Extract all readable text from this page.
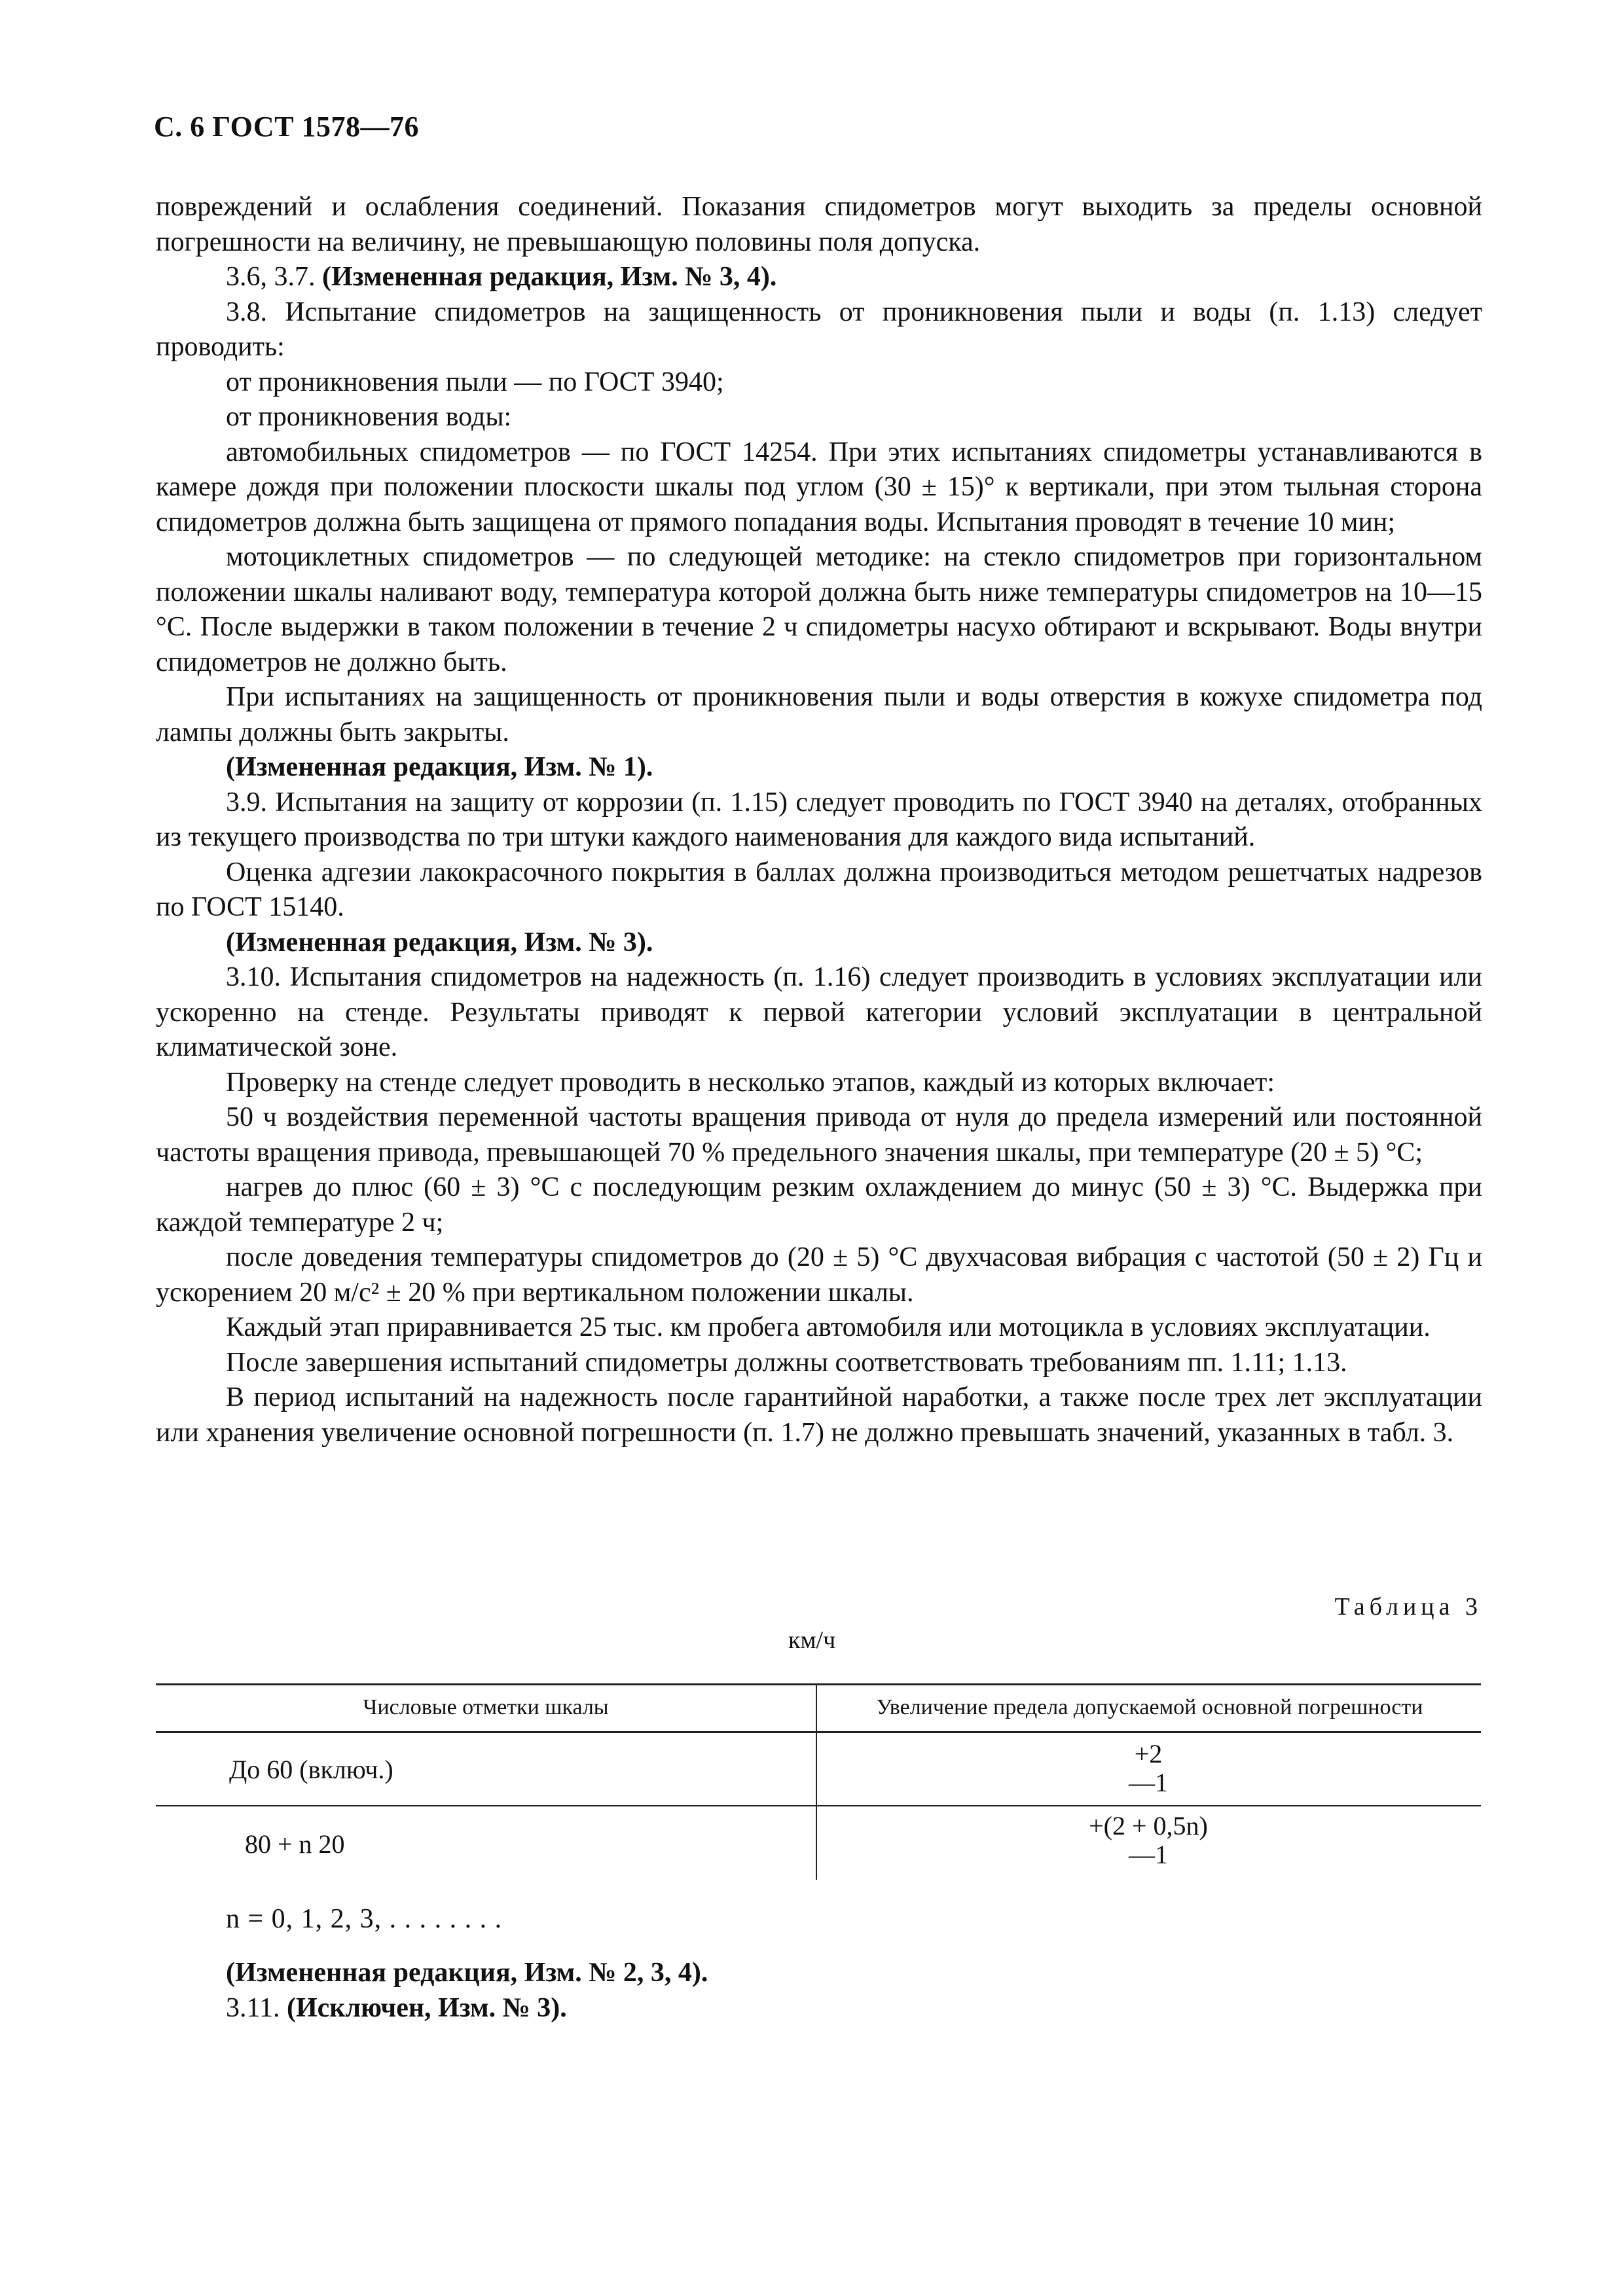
С. 6 ГОСТ 1578—76

повреждений и ослабления соединений. Показания спидометров могут выходить за пределы основной погрешности на величину, не превышающую половины поля допуска.

3.6, 3.7. (Измененная редакция, Изм. № 3, 4).

3.8. Испытание спидометров на защищенность от проникновения пыли и воды (п. 1.13) следует проводить:

от проникновения пыли — по ГОСТ 3940;

от проникновения воды:

автомобильных спидометров — по ГОСТ 14254. При этих испытаниях спидометры устанавливаются в камере дождя при положении плоскости шкалы под углом (30 ± 15)° к вертикали, при этом тыльная сторона спидометров должна быть защищена от прямого попадания воды. Испытания проводят в течение 10 мин;

мотоциклетных спидометров — по следующей методике: на стекло спидометров при горизонтальном положении шкалы наливают воду, температура которой должна быть ниже температуры спидометров на 10—15 °С. После выдержки в таком положении в течение 2 ч спидометры насухо обтирают и вскрывают. Воды внутри спидометров не должно быть.

При испытаниях на защищенность от проникновения пыли и воды отверстия в кожухе спидометра под лампы должны быть закрыты.

(Измененная редакция, Изм. № 1).

3.9. Испытания на защиту от коррозии (п. 1.15) следует проводить по ГОСТ 3940 на деталях, отобранных из текущего производства по три штуки каждого наименования для каждого вида испытаний.

Оценка адгезии лакокрасочного покрытия в баллах должна производиться методом решетчатых надрезов по ГОСТ 15140.

(Измененная редакция, Изм. № 3).

3.10. Испытания спидометров на надежность (п. 1.16) следует производить в условиях эксплуатации или ускоренно на стенде. Результаты приводят к первой категории условий эксплуатации в центральной климатической зоне.

Проверку на стенде следует проводить в несколько этапов, каждый из которых включает:

50 ч воздействия переменной частоты вращения привода от нуля до предела измерений или постоянной частоты вращения привода, превышающей 70 % предельного значения шкалы, при температуре (20 ± 5) °С;

нагрев до плюс (60 ± 3) °С с последующим резким охлаждением до минус (50 ± 3) °С. Выдержка при каждой температуре 2 ч;

после доведения температуры спидометров до (20 ± 5) °С двухчасовая вибрация с частотой (50 ± 2) Гц и ускорением 20 м/с² ± 20 % при вертикальном положении шкалы.

Каждый этап приравнивается 25 тыс. км пробега автомобиля или мотоцикла в условиях эксплуатации.

После завершения испытаний спидометры должны соответствовать требованиям пп. 1.11; 1.13.

В период испытаний на надежность после гарантийной наработки, а также после трех лет эксплуатации или хранения увеличение основной погрешности (п. 1.7) не должно превышать значений, указанных в табл. 3.

Таблица 3
км/ч
Числовые отметки шкалы	Увеличение предела допускаемой основной погрешности
До 60 (включ.)
+2
—1
80 + n 20
+(2 + 0,5n)
—1
n = 0, 1, 2, 3, . . . . . . . .
(Измененная редакция, Изм. № 2, 3, 4).
3.11. (Исключен, Изм. № 3).
